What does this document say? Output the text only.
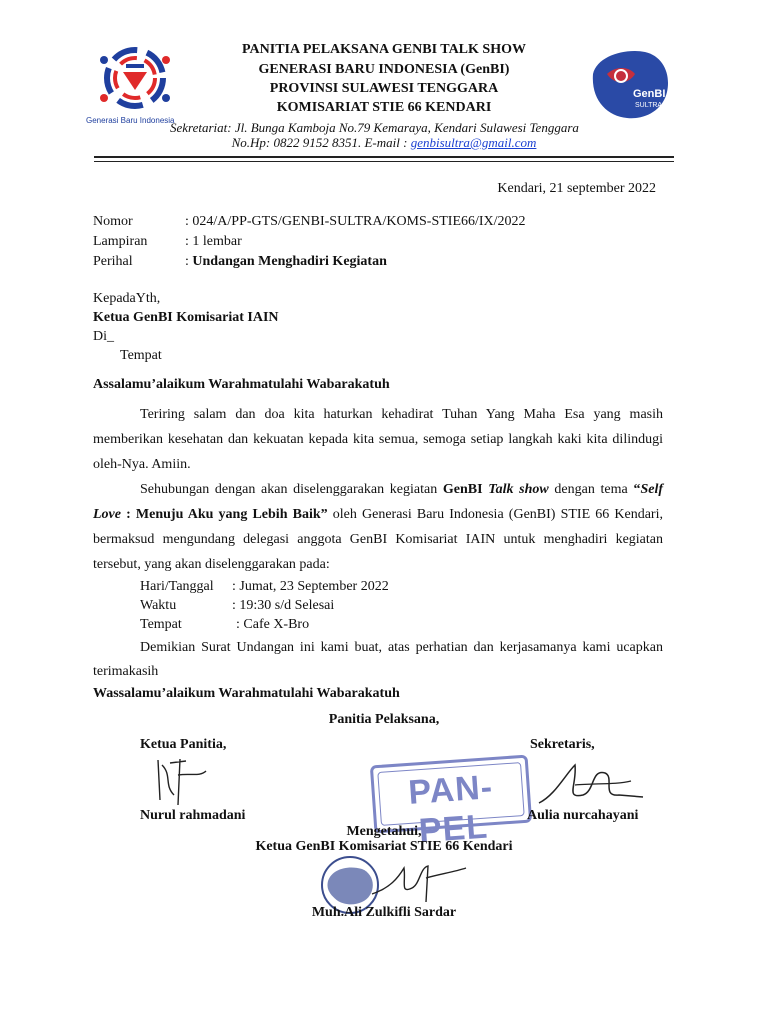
Generasi Baru Indonesia
GenBI
SULTRA
PANITIA PELAKSANA GENBI TALK SHOW
GENERASI BARU INDONESIA (GenBI)
PROVINSI SULAWESI TENGGARA
KOMISARIAT STIE 66 KENDARI
Sekretariat: Jl. Bunga Kamboja No.79 Kemaraya, Kendari Sulawesi Tenggara
No.Hp: 0822 9152 8351. E-mail : genbisultra@gmail.com
Kendari, 21 september 2022
Nomor	: 024/A/PP-GTS/GENBI-SULTRA/KOMS-STIE66/IX/2022
Lampiran	: 1 lembar
Perihal	: Undangan Menghadiri Kegiatan
KepadaYth,
Ketua GenBI Komisariat IAIN
Di_
Tempat
Assalamu’alaikum Warahmatulahi Wabarakatuh
Teriring salam dan doa kita haturkan kehadirat Tuhan Yang Maha Esa yang masih memberikan kesehatan dan kekuatan kepada kita semua, semoga setiap langkah kaki kita dilindugi oleh-Nya. Amiin.
Sehubungan dengan akan diselenggarakan kegiatan GenBI Talk show dengan tema “Self Love : Menuju Aku yang Lebih Baik” oleh Generasi Baru Indonesia (GenBI) STIE 66 Kendari, bermaksud mengundang delegasi anggota GenBI Komisariat IAIN untuk menghadiri kegiatan tersebut, yang akan diselenggarakan pada:
Hari/Tanggal : Jumat, 23 September 2022
Waktu	: 19:30 s/d Selesai
Tempat	: Cafe X-Bro
Demikian Surat Undangan ini kami buat, atas perhatian dan kerjasamanya kami ucapkan terimakasih
Wassalamu’alaikum Warahmatulahi Wabarakatuh
Panitia Pelaksana,
Ketua Panitia,	Sekretaris,
PAN-PEL
Nurul rahmadani	Aulia nurcahayani
Mengetahui,
Ketua GenBI Komisariat STIE 66 Kendari
Muh.Ali Zulkifli Sardar
